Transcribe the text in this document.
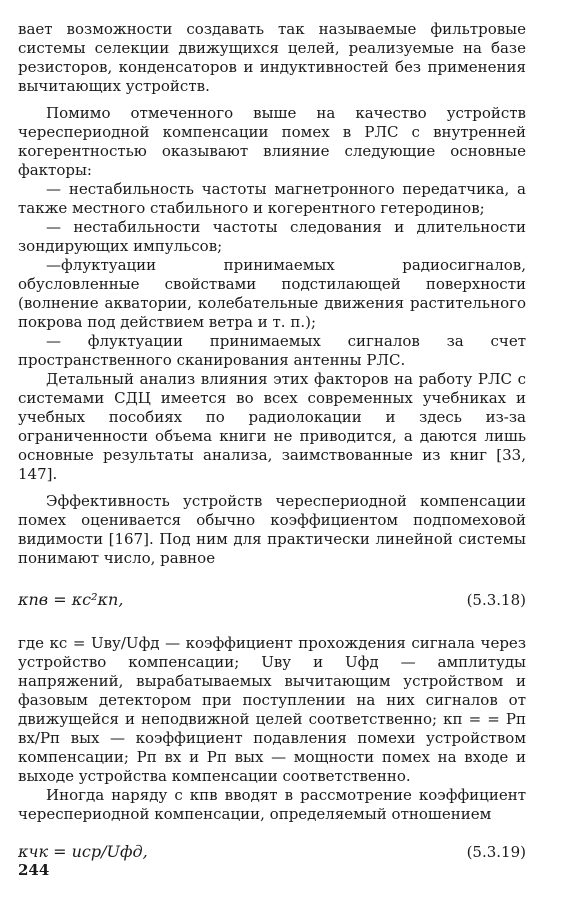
вает возможности создавать так называемые фильтровые системы селекции движущихся целей, реализуемые на базе резисторов, конденсаторов и индуктивностей без применения вычитающих устройств.

Помимо отмеченного выше на качество устройств череспериодной компенсации помех в РЛС с внутренней когерентностью оказывают влияние следующие основные факторы:

— нестабильность частоты магнетронного передатчика, а также местного стабильного и когерентного гетеродинов;

— нестабильности частоты следования и длительности зондирующих импульсов;

—флуктуации принимаемых радиосигналов, обусловленные свойствами подстилающей поверхности (волнение акватории, колебательные движения растительного покрова под действием ветра и т. п.);

— флуктуации принимаемых сигналов за счет пространственного сканирования антенны РЛС.

Детальный анализ влияния этих факторов на работу РЛС с системами СДЦ имеется во всех современных учебниках и учебных пособиях по радиолокации и здесь из-за ограниченности объема книги не приводится, а даются лишь основные результаты анализа, заимствованные из книг [33, 147].

Эффективность устройств череспериодной компенсации помех оценивается обычно коэффициентом подпомеховой видимости [167]. Под ним для практически линейной системы понимают число, равное

κпв = κс²κп,	(5.3.18)

где κс = Uву/Uфд — коэффициент прохождения сигнала через устройство компенсации; Uву и Uфд — амплитуды напряжений, вырабатываемых вычитающим устройством и фазовым детектором при поступлении на них сигналов от движущейся и неподвижной целей соответственно; κп = = Pп вх/Pп вых — коэффициент подавления помехи устройством компенсации; Pп вх и Pп вых — мощности помех на входе и выходе устройства компенсации соответственно.

Иногда наряду с κпв вводят в рассмотрение коэффициент череспериодной компенсации, определяемый отношением

κчк = uср/Uфд,	(5.3.19)
244
